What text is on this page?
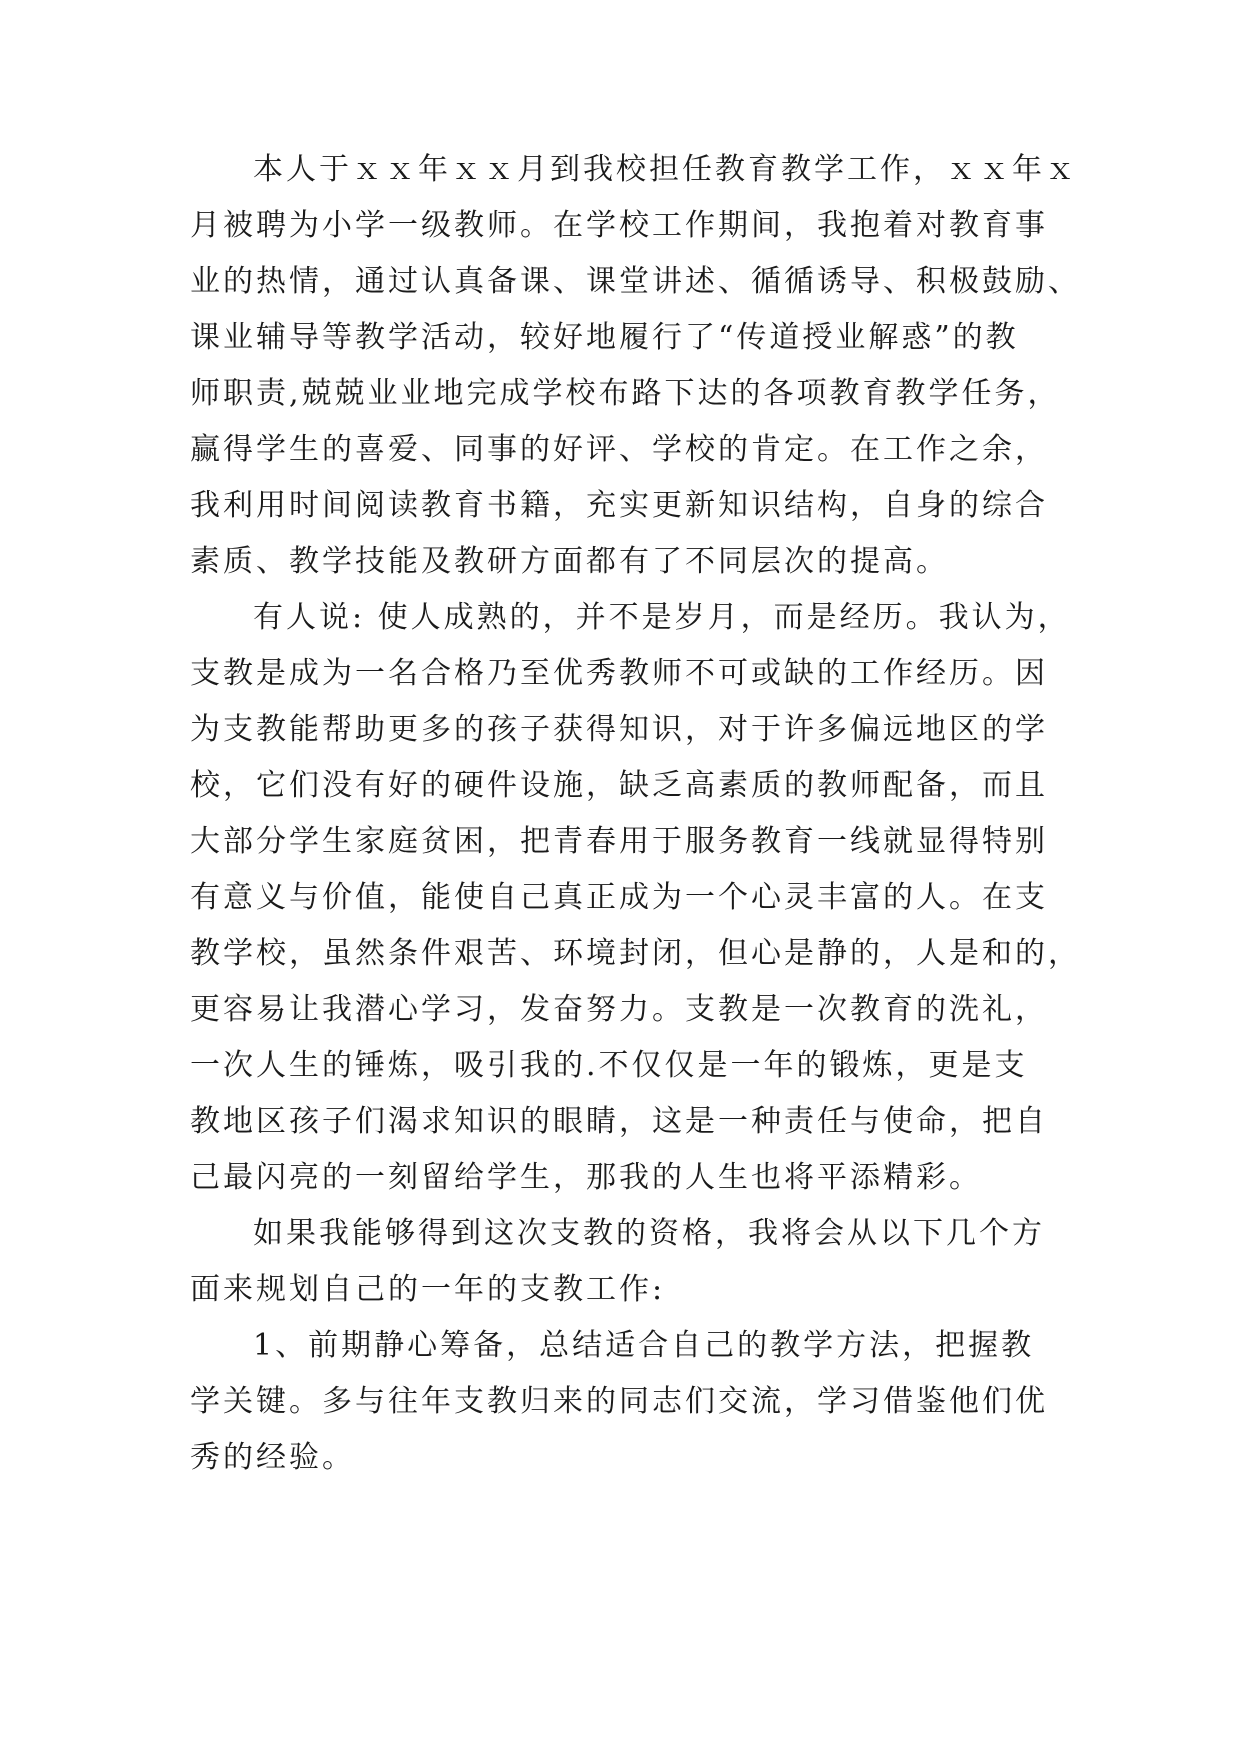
本人于ｘｘ年ｘｘ月到我校担任教育教学工作，ｘｘ年ｘ

月被聘为小学一级教师。在学校工作期间，我抱着对教育事

业的热情，通过认真备课、课堂讲述、循循诱导、积极鼓励、

课业辅导等教学活动，较好地履行了“传道授业解惑”的教

师职责,兢兢业业地完成学校布路下达的各项教育教学任务，

赢得学生的喜爱、同事的好评、学校的肯定。在工作之余，

我利用时间阅读教育书籍，充实更新知识结构，自身的综合

素质、教学技能及教研方面都有了不同层次的提高。

有人说: 使人成熟的，并不是岁月，而是经历。我认为，

支教是成为一名合格乃至优秀教师不可或缺的工作经历。因

为支教能帮助更多的孩子获得知识，对于许多偏远地区的学

校，它们没有好的硬件设施，缺乏高素质的教师配备，而且

大部分学生家庭贫困，把青春用于服务教育一线就显得特别

有意义与价值，能使自己真正成为一个心灵丰富的人。在支

教学校，虽然条件艰苦、环境封闭，但心是静的，人是和的，

更容易让我潜心学习，发奋努力。支教是一次教育的洗礼，

一次人生的锤炼，吸引我的.不仅仅是一年的锻炼，更是支

教地区孩子们渴求知识的眼睛，这是一种责任与使命，把自

己最闪亮的一刻留给学生，那我的人生也将平添精彩。

如果我能够得到这次支教的资格，我将会从以下几个方

面来规划自己的一年的支教工作:

1、前期静心筹备，总结适合自己的教学方法，把握教

学关键。多与往年支教归来的同志们交流，学习借鉴他们优

秀的经验。
